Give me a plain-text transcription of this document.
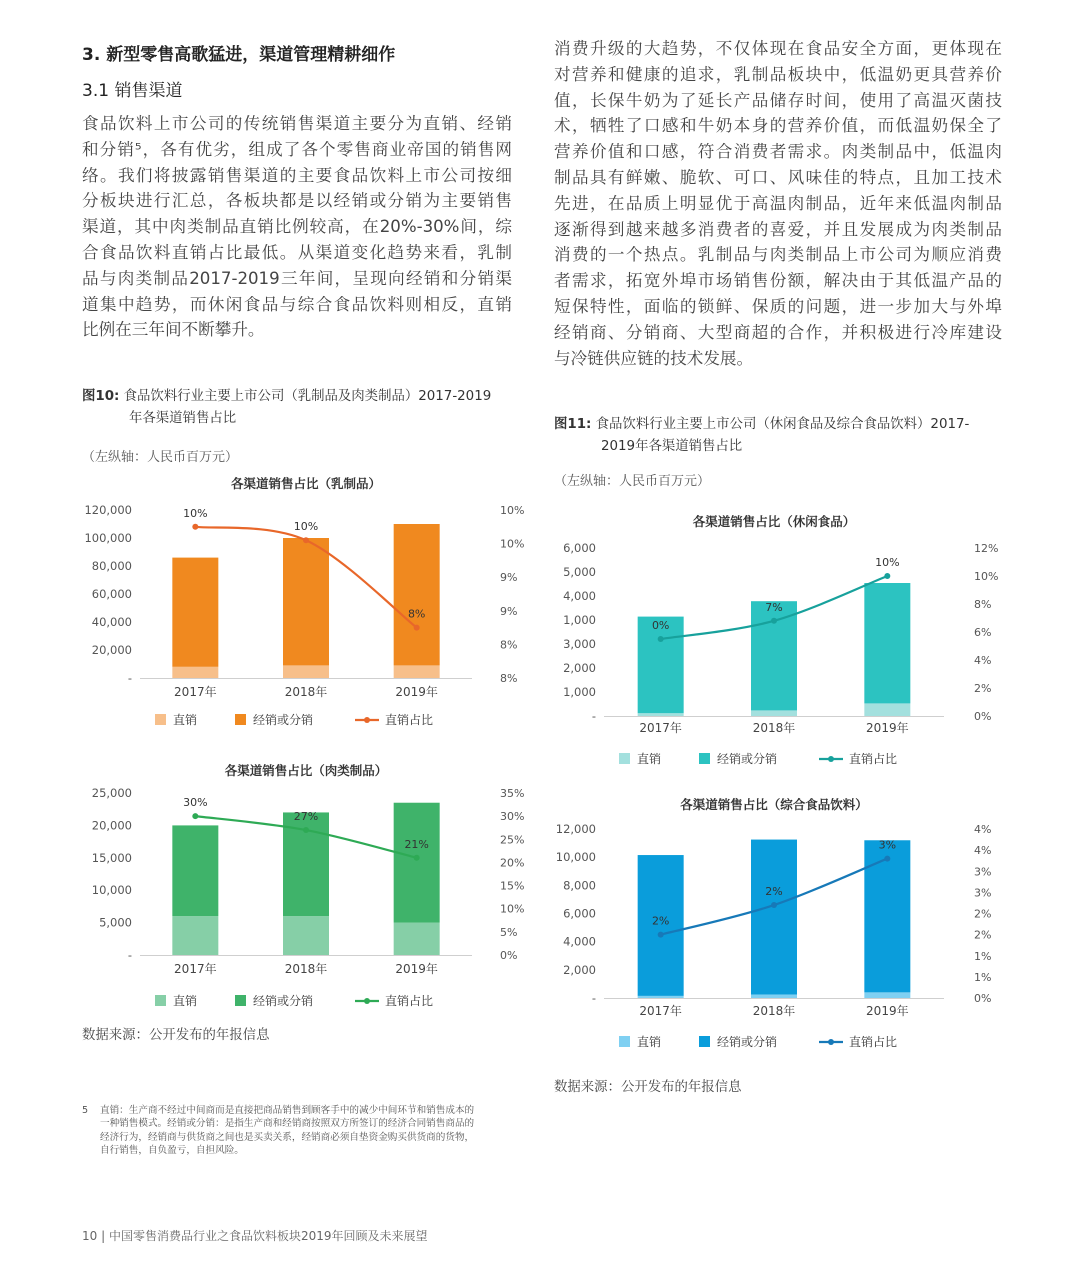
3. 新型零售高歌猛进，渠道管理精耕细作
3.1 销售渠道
食品饮料上市公司的传统销售渠道主要分为直销、经销
和分销⁵，各有优劣，组成了各个零售商业帝国的销售网
络。我们将披露销售渠道的主要食品饮料上市公司按细
分板块进行汇总，各板块都是以经销或分销为主要销售
渠道，其中肉类制品直销比例较高，在20%-30%间，综
合食品饮料直销占比最低。从渠道变化趋势来看，乳制
品与肉类制品2017-2019三年间，呈现向经销和分销渠
道集中趋势，而休闲食品与综合食品饮料则相反，直销
比例在三年间不断攀升。
消费升级的大趋势，不仅体现在食品安全方面，更体现在
对营养和健康的追求，乳制品板块中，低温奶更具营养价
值，长保牛奶为了延长产品储存时间，使用了高温灭菌技
术，牺牲了口感和牛奶本身的营养价值，而低温奶保全了
营养价值和口感，符合消费者需求。肉类制品中，低温肉
制品具有鲜嫩、脆软、可口、风味佳的特点，且加工技术
先进，在品质上明显优于高温肉制品，近年来低温肉制品
逐渐得到越来越多消费者的喜爱，并且发展成为肉类制品
消费的一个热点。乳制品与肉类制品上市公司为顺应消费
者需求，拓宽外埠市场销售份额，解决由于其低温产品的
短保特性，面临的锁鲜、保质的问题，进一步加大与外埠
经销商、分销商、大型商超的合作，并积极进行冷库建设
与冷链供应链的技术发展。
图10: 食品饮料行业主要上市公司（乳制品及肉类制品）2017-2019
年各渠道销售占比
（左纵轴：人民币百万元）
图11: 食品饮料行业主要上市公司（休闲食品及综合食品饮料）2017-
2019年各渠道销售占比
（左纵轴：人民币百万元）
各渠道销售占比（乳制品）
-
20,000
40,000
60,000
80,000
100,000
120,000
8%
8%
9%
9%
10%
10%
2017年	2018年	2019年
10%
10%
8%
直销	经销或分销	直销占比
各渠道销售占比（肉类制品）
-
5,000
10,000
15,000
20,000
25,000
0%
5%
10%
15%
20%
25%
30%
35%
2017年	2018年	2019年
30%
27%
21%
直销	经销或分销	直销占比
各渠道销售占比（休闲食品）
-
1,000
2,000
3,000
1,000
4,000
5,000
6,000
0%
2%
4%
6%
8%
10%
12%
2017年	2018年	2019年
0%
7%
10%
直销	经销或分销	直销占比
各渠道销售占比（综合食品饮料）
-
2,000
4,000
6,000
8,000
10,000
12,000
0%
1%
1%
2%
2%
3%
3%
4%
4%
2017年	2018年	2019年
2%
2%
3%
直销	经销或分销	直销占比
数据来源：公开发布的年报信息
数据来源：公开发布的年报信息
5 直销：生产商不经过中间商而是直接把商品销售到顾客手中的减少中间环节和销售成本的
一种销售模式。经销或分销：是指生产商和经销商按照双方所签订的经济合同销售商品的
经济行为，经销商与供货商之间也是买卖关系，经销商必须自垫资金购买供货商的货物，
自行销售，自负盈亏，自担风险。
10 | 中国零售消费品行业之食品饮料板块2019年回顾及未来展望
